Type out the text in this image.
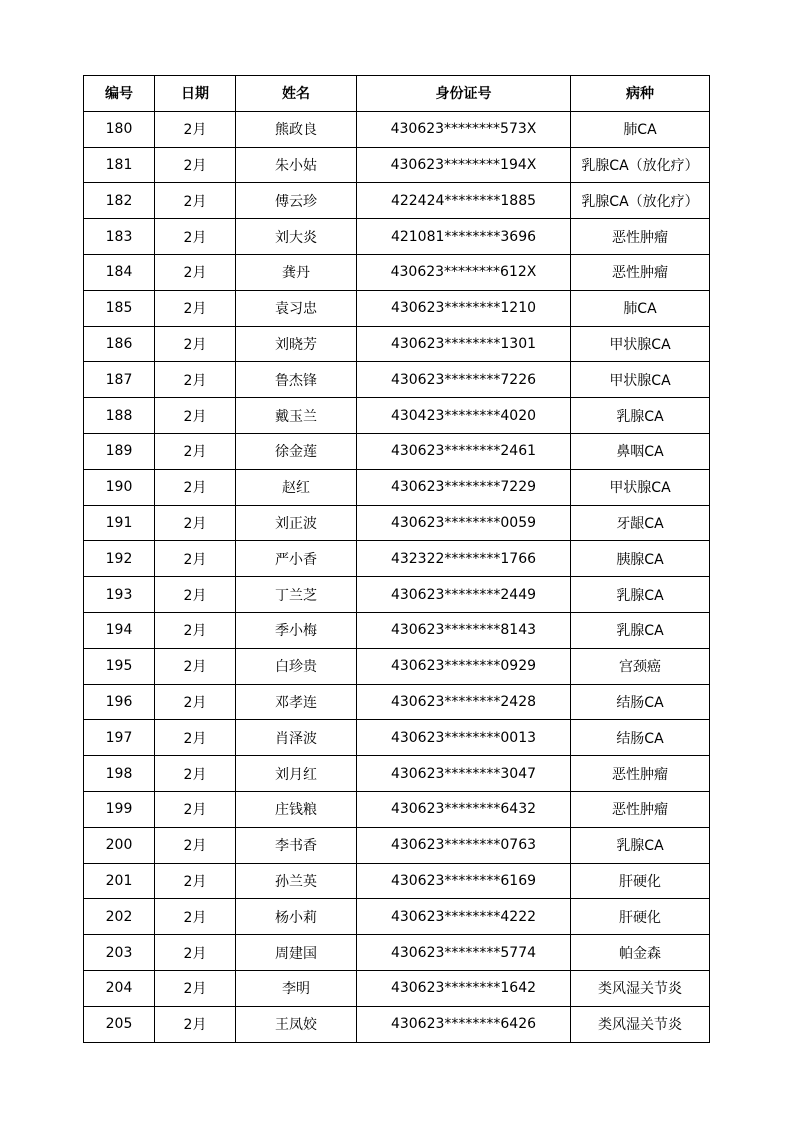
编号	日期	姓名	身份证号	病种
180	2月	熊政良	430623********573X	肺CA
181	2月	朱小姑	430623********194X	乳腺CA（放化疗）
182	2月	傅云珍	422424********1885	乳腺CA（放化疗）
183	2月	刘大炎	421081********3696	恶性肿瘤
184	2月	龚丹	430623********612X	恶性肿瘤
185	2月	袁习忠	430623********1210	肺CA
186	2月	刘晓芳	430623********1301	甲状腺CA
187	2月	鲁杰锋	430623********7226	甲状腺CA
188	2月	戴玉兰	430423********4020	乳腺CA
189	2月	徐金莲	430623********2461	鼻咽CA
190	2月	赵红	430623********7229	甲状腺CA
191	2月	刘正波	430623********0059	牙龈CA
192	2月	严小香	432322********1766	胰腺CA
193	2月	丁兰芝	430623********2449	乳腺CA
194	2月	季小梅	430623********8143	乳腺CA
195	2月	白珍贵	430623********0929	宫颈癌
196	2月	邓孝连	430623********2428	结肠CA
197	2月	肖泽波	430623********0013	结肠CA
198	2月	刘月红	430623********3047	恶性肿瘤
199	2月	庄钱粮	430623********6432	恶性肿瘤
200	2月	李书香	430623********0763	乳腺CA
201	2月	孙兰英	430623********6169	肝硬化
202	2月	杨小莉	430623********4222	肝硬化
203	2月	周建国	430623********5774	帕金森
204	2月	李明	430623********1642	类风湿关节炎
205	2月	王凤姣	430623********6426	类风湿关节炎
